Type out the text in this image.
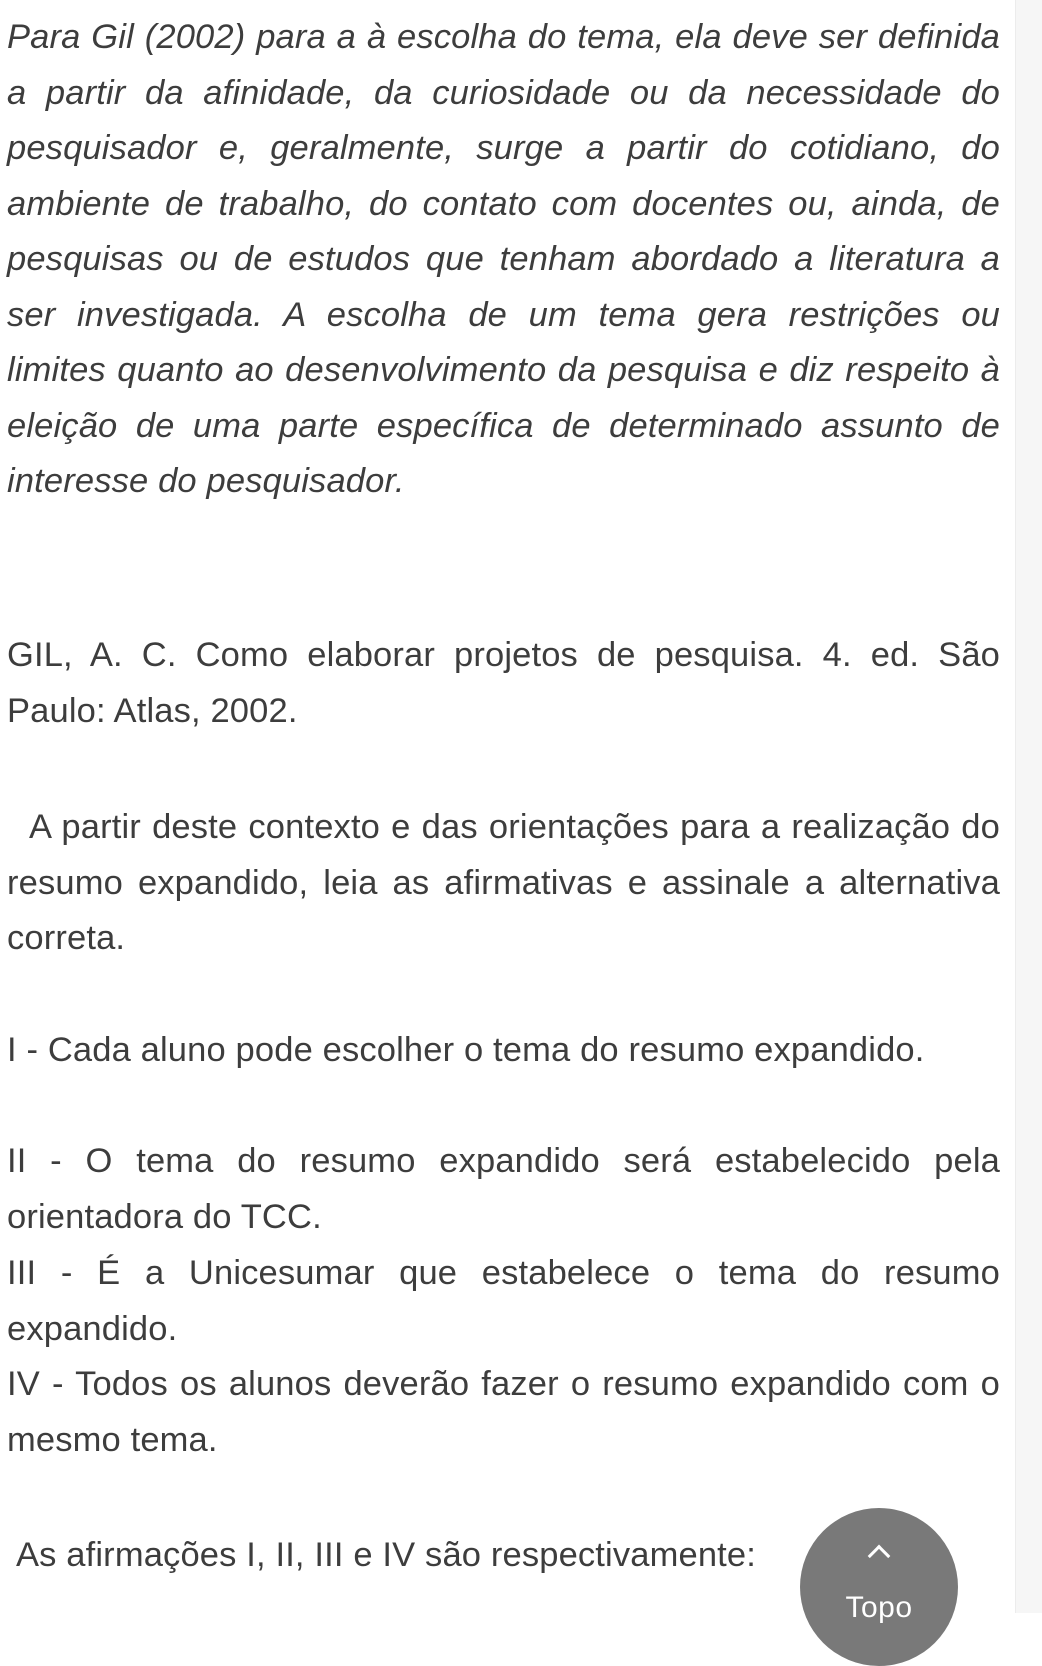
Para Gil (2002) para a à escolha do tema, ela deve ser definida a partir da afinidade, da curiosidade ou da necessidade do pesquisador e, geralmente, surge a partir do cotidiano, do ambiente de trabalho, do contato com docentes ou, ainda, de pesquisas ou de estudos que tenham abordado a literatura a ser investigada. A escolha de um tema gera restrições ou limites quanto ao desenvolvimento da pesquisa e diz respeito à eleição de uma parte específica de determinado assunto de interesse do pesquisador.

GIL, A. C. Como elaborar projetos de pesquisa. 4. ed. São Paulo: Atlas, 2002.

A partir deste contexto e das orientações para a realização do resumo expandido, leia as afirmativas e assinale a alternativa correta.

I - Cada aluno pode escolher o tema do resumo expandido.

II - O tema do resumo expandido será estabelecido pela orientadora do TCC.

III - É a Unicesumar que estabelece o tema do resumo expandido.

IV - Todos os alunos deverão fazer o resumo expandido com o mesmo tema.

As afirmações I, II, III e IV são respectivamente:

Topo
